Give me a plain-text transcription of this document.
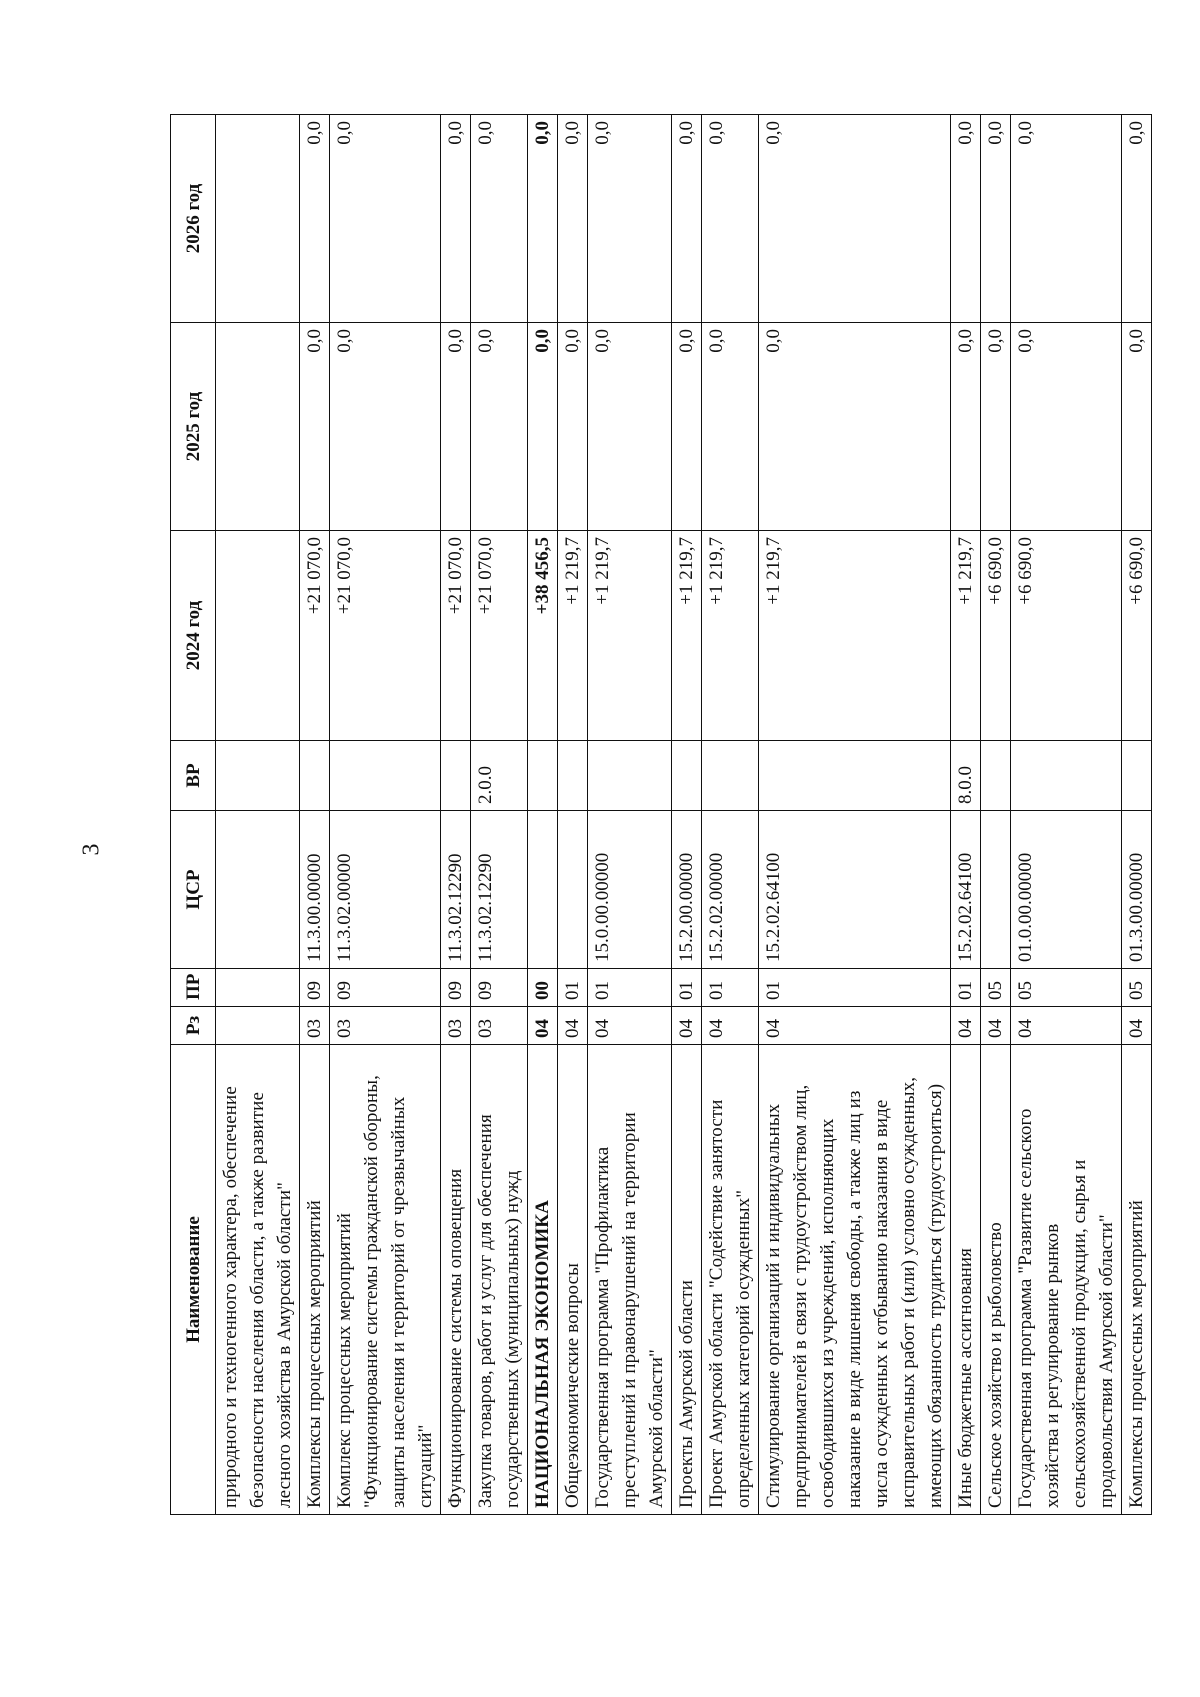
3
Наименование	Рз	ПР	ЦСР	ВР	2024 год	2025 год	2026 год
природного и техногенного характера, обеспечение безопасности населения области, а также развитие лесного хозяйства в Амурской области"							
Комплексы процессных мероприятий	03	09	11.3.00.00000		+21 070,0	0,0	0,0
Комплекс процессных мероприятий "Функционирование системы гражданской обороны, защиты населения и территорий от чрезвычайных ситуаций"	03	09	11.3.02.00000		+21 070,0	0,0	0,0
Функционирование системы оповещения	03	09	11.3.02.12290		+21 070,0	0,0	0,0
Закупка товаров, работ и услуг для обеспечения государственных (муниципальных) нужд	03	09	11.3.02.12290	2.0.0	+21 070,0	0,0	0,0
НАЦИОНАЛЬНАЯ ЭКОНОМИКА	04	00			+38 456,5	0,0	0,0
Общеэкономические вопросы	04	01			+1 219,7	0,0	0,0
Государственная программа "Профилактика преступлений и правонарушений на территории Амурской области"	04	01	15.0.00.00000		+1 219,7	0,0	0,0
Проекты Амурской области	04	01	15.2.00.00000		+1 219,7	0,0	0,0
Проект Амурской области "Содействие занятости определенных категорий осужденных"	04	01	15.2.02.00000		+1 219,7	0,0	0,0
Стимулирование организаций и индивидуальных предпринимателей в связи с трудоустройством лиц, освободившихся из учреждений, исполняющих наказание в виде лишения свободы, а также лиц из числа осужденных к отбыванию наказания в виде исправительных работ и (или) условно осужденных, имеющих обязанность трудиться (трудоустроиться)	04	01	15.2.02.64100		+1 219,7	0,0	0,0
Иные бюджетные ассигнования	04	01	15.2.02.64100	8.0.0	+1 219,7	0,0	0,0
Сельское хозяйство и рыболовство	04	05			+6 690,0	0,0	0,0
Государственная программа "Развитие сельского хозяйства и регулирование рынков сельскохозяйственной продукции, сырья и продовольствия Амурской области"	04	05	01.0.00.00000		+6 690,0	0,0	0,0
Комплексы процессных мероприятий	04	05	01.3.00.00000		+6 690,0	0,0	0,0
